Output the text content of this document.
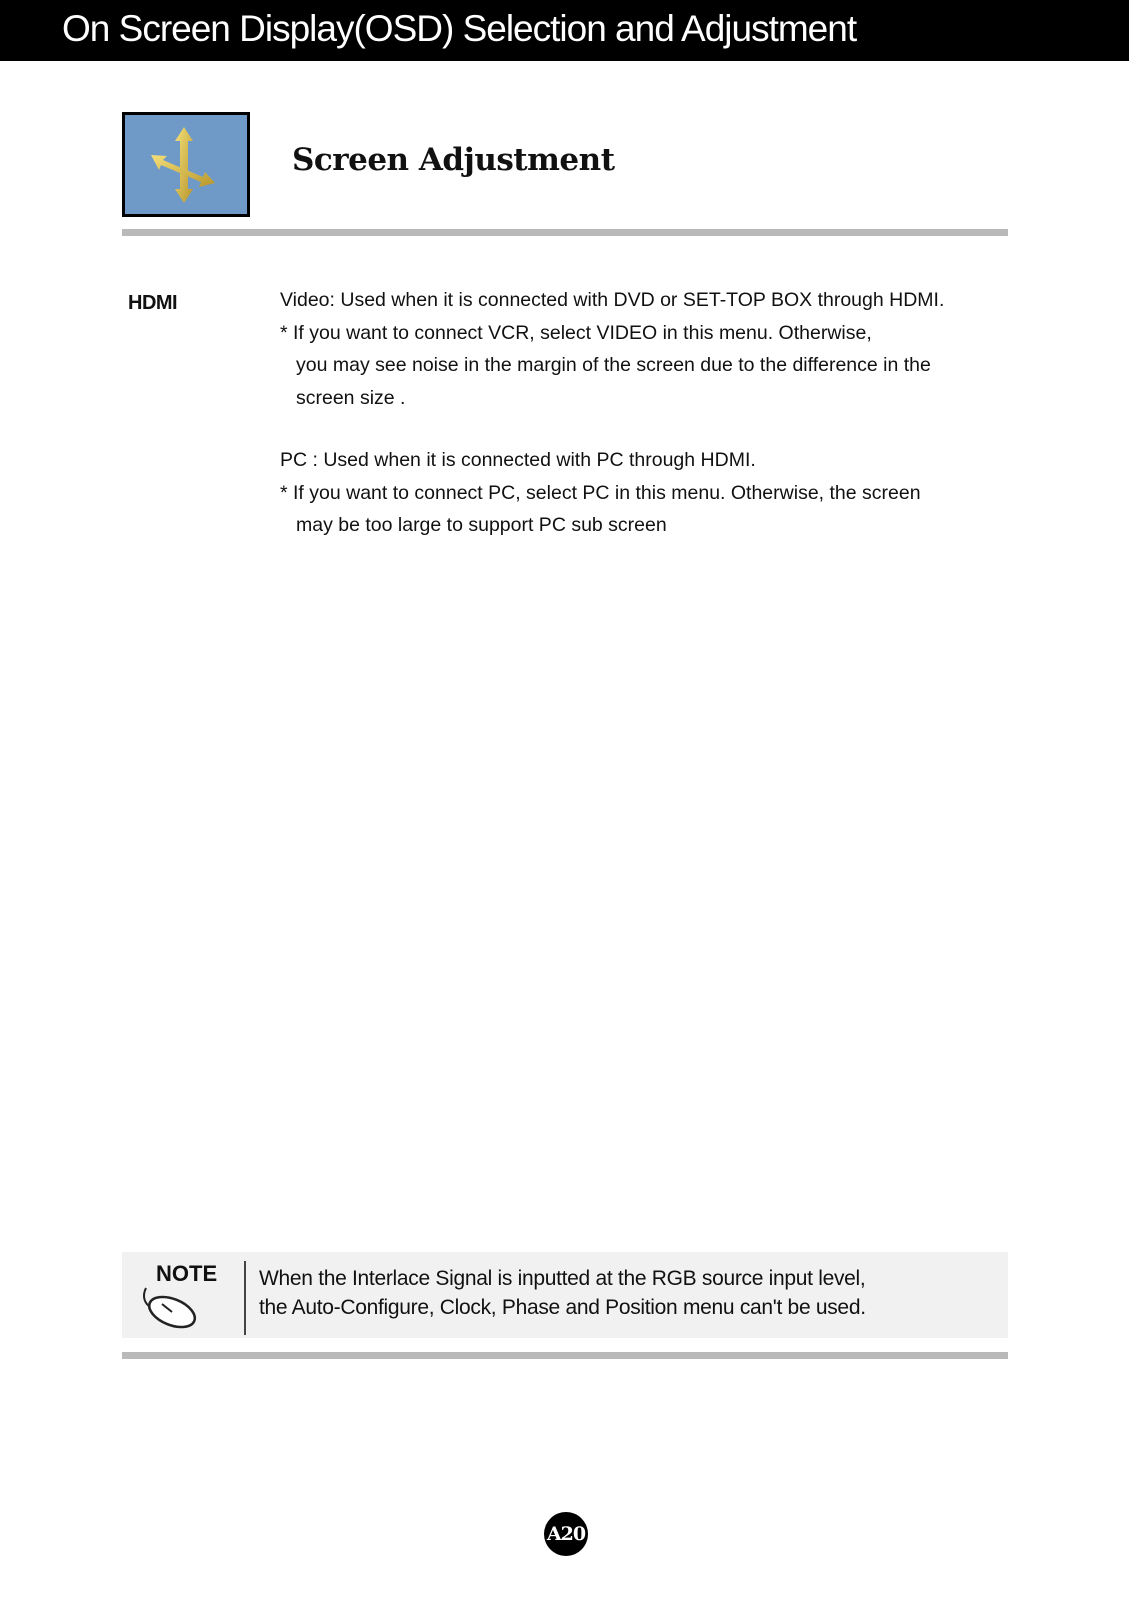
On Screen Display(OSD) Selection and Adjustment
Screen Adjustment
HDMI	Video: Used when it is connected with DVD or SET-TOP BOX through HDMI.

* If you want to connect VCR, select VIDEO in this menu. Otherwise,

you may see noise in the margin of the screen due to the difference in the

screen size .

PC : Used when it is connected with PC through HDMI.

* If you want to connect PC, select PC in this menu. Otherwise, the screen

may be too large to support PC sub screen

NOTE When the Interlace Signal is inputted at the RGB source input level,

the Auto-Configure, Clock, Phase and Position menu can't be used.

A20
